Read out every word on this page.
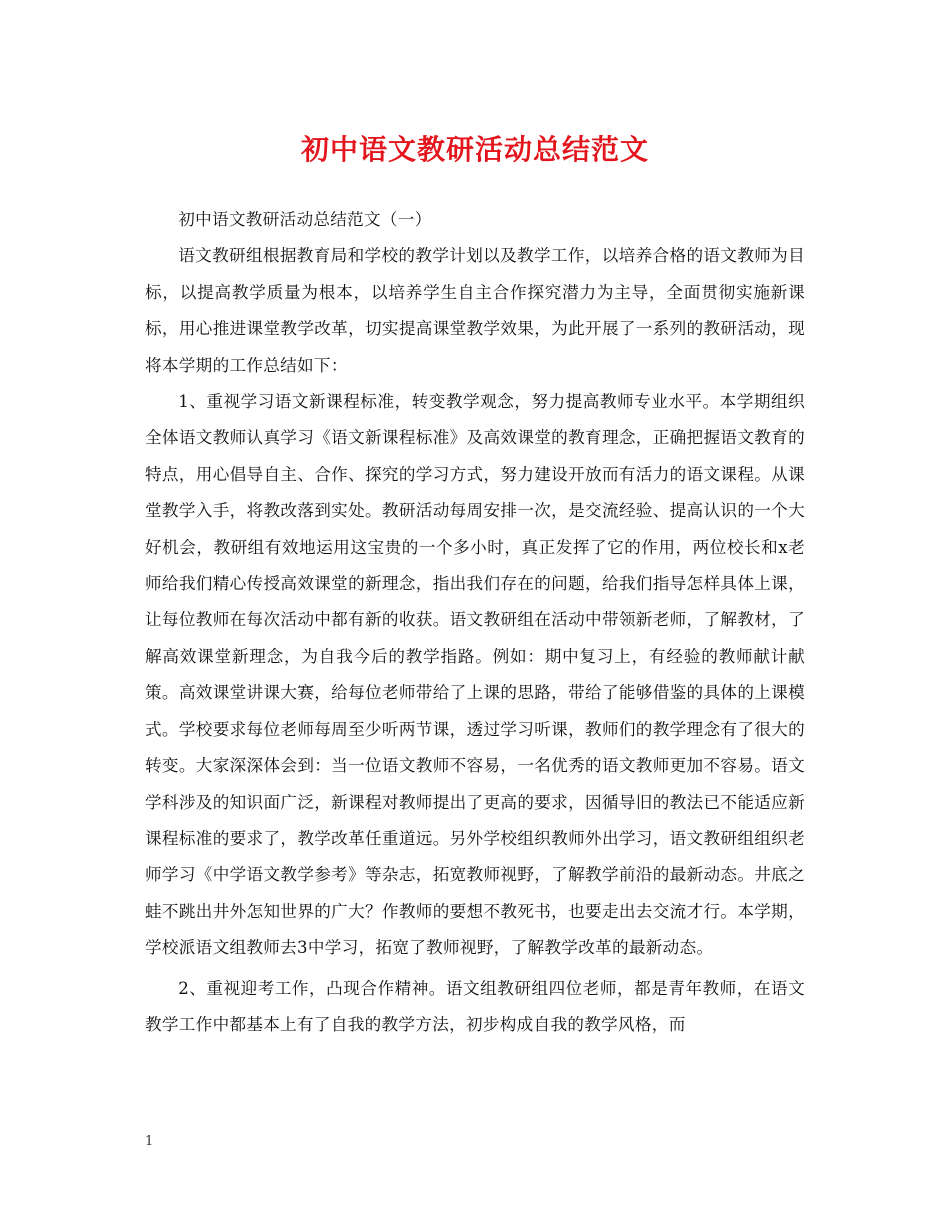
初中语文教研活动总结范文

初中语文教研活动总结范文（一）

语文教研组根据教育局和学校的教学计划以及教学工作，以培养合格的语文教师为目标，以提高教学质量为根本，以培养学生自主合作探究潜力为主导，全面贯彻实施新课标，用心推进课堂教学改革，切实提高课堂教学效果，为此开展了一系列的教研活动，现将本学期的工作总结如下：

1、重视学习语文新课程标准，转变教学观念，努力提高教师专业水平。本学期组织全体语文教师认真学习《语文新课程标准》及高效课堂的教育理念，正确把握语文教育的特点，用心倡导自主、合作、探究的学习方式，努力建设开放而有活力的语文课程。从课堂教学入手，将教改落到实处。教研活动每周安排一次，是交流经验、提高认识的一个大好机会，教研组有效地运用这宝贵的一个多小时，真正发挥了它的作用，两位校长和x老师给我们精心传授高效课堂的新理念，指出我们存在的问题，给我们指导怎样具体上课，让每位教师在每次活动中都有新的收获。语文教研组在活动中带领新老师，了解教材，了解高效课堂新理念，为自我今后的教学指路。例如：期中复习上，有经验的教师献计献策。高效课堂讲课大赛，给每位老师带给了上课的思路，带给了能够借鉴的具体的上课模式。学校要求每位老师每周至少听两节课，透过学习听课，教师们的教学理念有了很大的转变。大家深深体会到：当一位语文教师不容易，一名优秀的语文教师更加不容易。语文学科涉及的知识面广泛，新课程对教师提出了更高的要求，因循导旧的教法已不能适应新课程标准的要求了，教学改革任重道远。另外学校组织教师外出学习，语文教研组组织老师学习《中学语文教学参考》等杂志，拓宽教师视野，了解教学前沿的最新动态。井底之蛙不跳出井外怎知世界的广大？作教师的要想不教死书，也要走出去交流才行。本学期，学校派语文组教师去3中学习，拓宽了教师视野，了解教学改革的最新动态。

2、重视迎考工作，凸现合作精神。语文组教研组四位老师，都是青年教师，在语文教学工作中都基本上有了自我的教学方法，初步构成自我的教学风格，而

1
